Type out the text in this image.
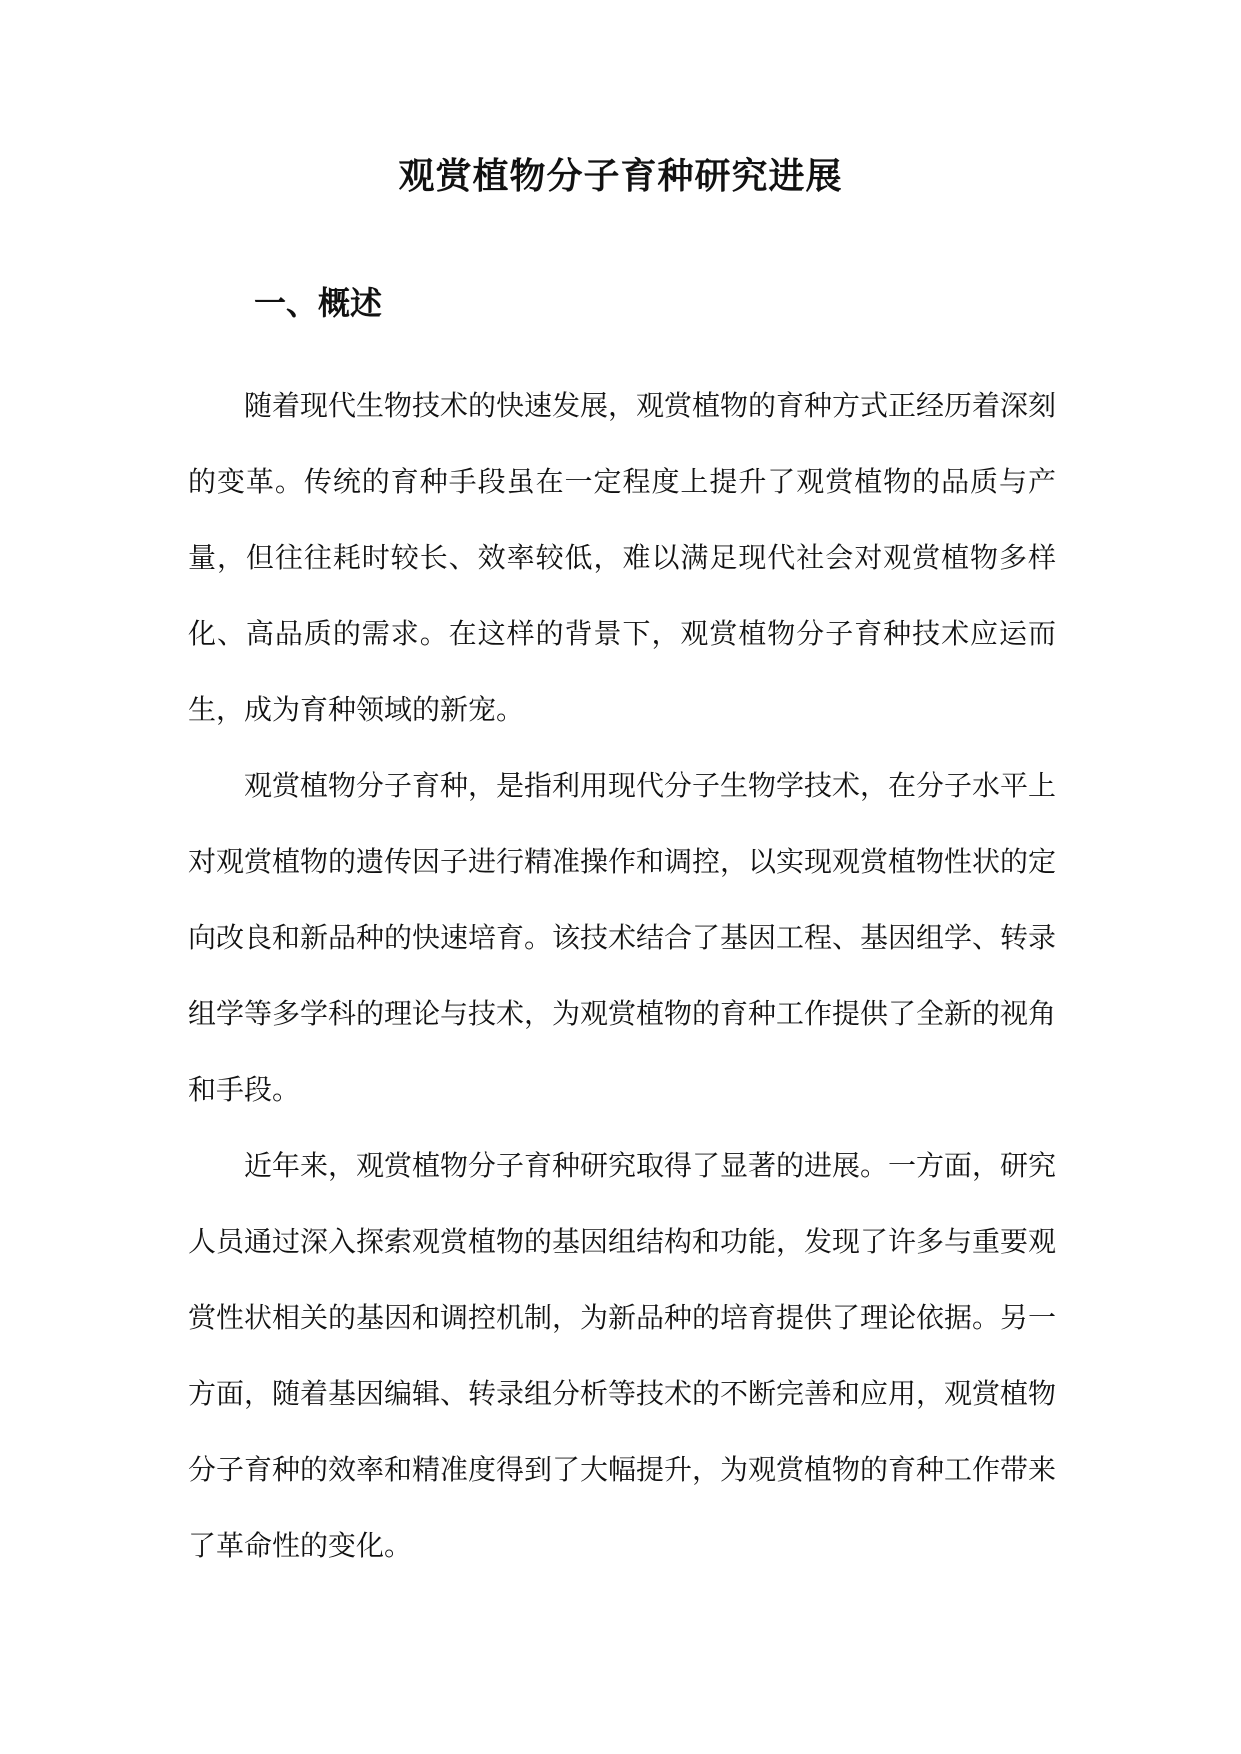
观赏植物分子育种研究进展
一、概述

随着现代生物技术的快速发展，观赏植物的育种方式正经历着深刻的变革。传统的育种手段虽在一定程度上提升了观赏植物的品质与产量，但往往耗时较长、效率较低，难以满足现代社会对观赏植物多样化、高品质的需求。在这样的背景下，观赏植物分子育种技术应运而生，成为育种领域的新宠。

观赏植物分子育种，是指利用现代分子生物学技术，在分子水平上对观赏植物的遗传因子进行精准操作和调控，以实现观赏植物性状的定向改良和新品种的快速培育。该技术结合了基因工程、基因组学、转录组学等多学科的理论与技术，为观赏植物的育种工作提供了全新的视角和手段。

近年来，观赏植物分子育种研究取得了显著的进展。一方面，研究人员通过深入探索观赏植物的基因组结构和功能，发现了许多与重要观赏性状相关的基因和调控机制，为新品种的培育提供了理论依据。另一方面，随着基因编辑、转录组分析等技术的不断完善和应用，观赏植物分子育种的效率和精准度得到了大幅提升，为观赏植物的育种工作带来了革命性的变化。
